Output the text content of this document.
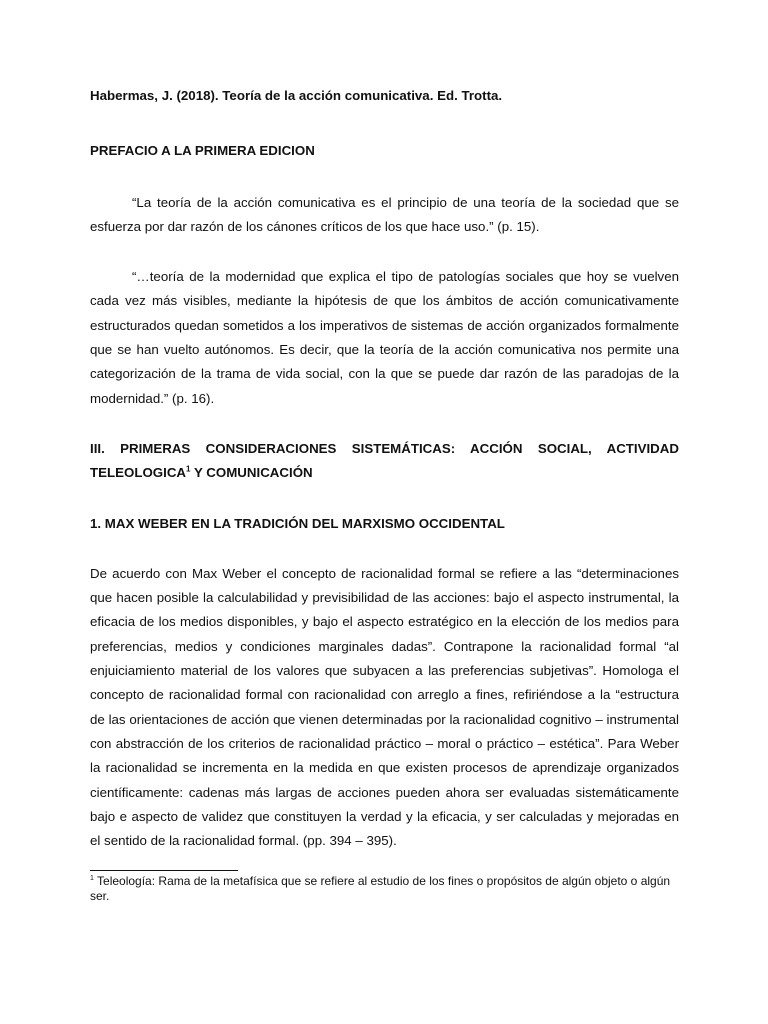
Habermas, J. (2018). Teoría de la acción comunicativa. Ed. Trotta.

PREFACIO A LA PRIMERA EDICION

“La teoría de la acción comunicativa es el principio de una teoría de la sociedad que se esfuerza por dar razón de los cánones críticos de los que hace uso.” (p. 15).

“…teoría de la modernidad que explica el tipo de patologías sociales que hoy se vuelven cada vez más visibles, mediante la hipótesis de que los ámbitos de acción comunicativamente estructurados quedan sometidos a los imperativos de sistemas de acción organizados formalmente que se han vuelto autónomos. Es decir, que la teoría de la acción comunicativa nos permite una categorización de la trama de vida social, con la que se puede dar razón de las paradojas de la modernidad.” (p. 16).

III. PRIMERAS CONSIDERACIONES SISTEMÁTICAS: ACCIÓN SOCIAL, ACTIVIDAD TELEOLOGICA$^1$ Y COMUNICACIÓN

1. MAX WEBER EN LA TRADICIÓN DEL MARXISMO OCCIDENTAL

De acuerdo con Max Weber el concepto de racionalidad formal se refiere a las “determinaciones que hacen posible la calculabilidad y previsibilidad de las acciones: bajo el aspecto instrumental, la eficacia de los medios disponibles, y bajo el aspecto estratégico en la elección de los medios para preferencias, medios y condiciones marginales dadas”. Contrapone la racionalidad formal “al enjuiciamiento material de los valores que subyacen a las preferencias subjetivas”. Homologa el concepto de racionalidad formal con racionalidad con arreglo a fines, refiriéndose a la “estructura de las orientaciones de acción que vienen determinadas por la racionalidad cognitivo – instrumental con abstracción de los criterios de racionalidad práctico – moral o práctico – estética”. Para Weber la racionalidad se incrementa en la medida en que existen procesos de aprendizaje organizados científicamente: cadenas más largas de acciones pueden ahora ser evaluadas sistemáticamente bajo e aspecto de validez que constituyen la verdad y la eficacia, y ser calculadas y mejoradas en el sentido de la racionalidad formal. (pp. 394 – 395).

$^1$ Teleología: Rama de la metafísica que se refiere al estudio de los fines o propósitos de algún objeto o algún ser.
